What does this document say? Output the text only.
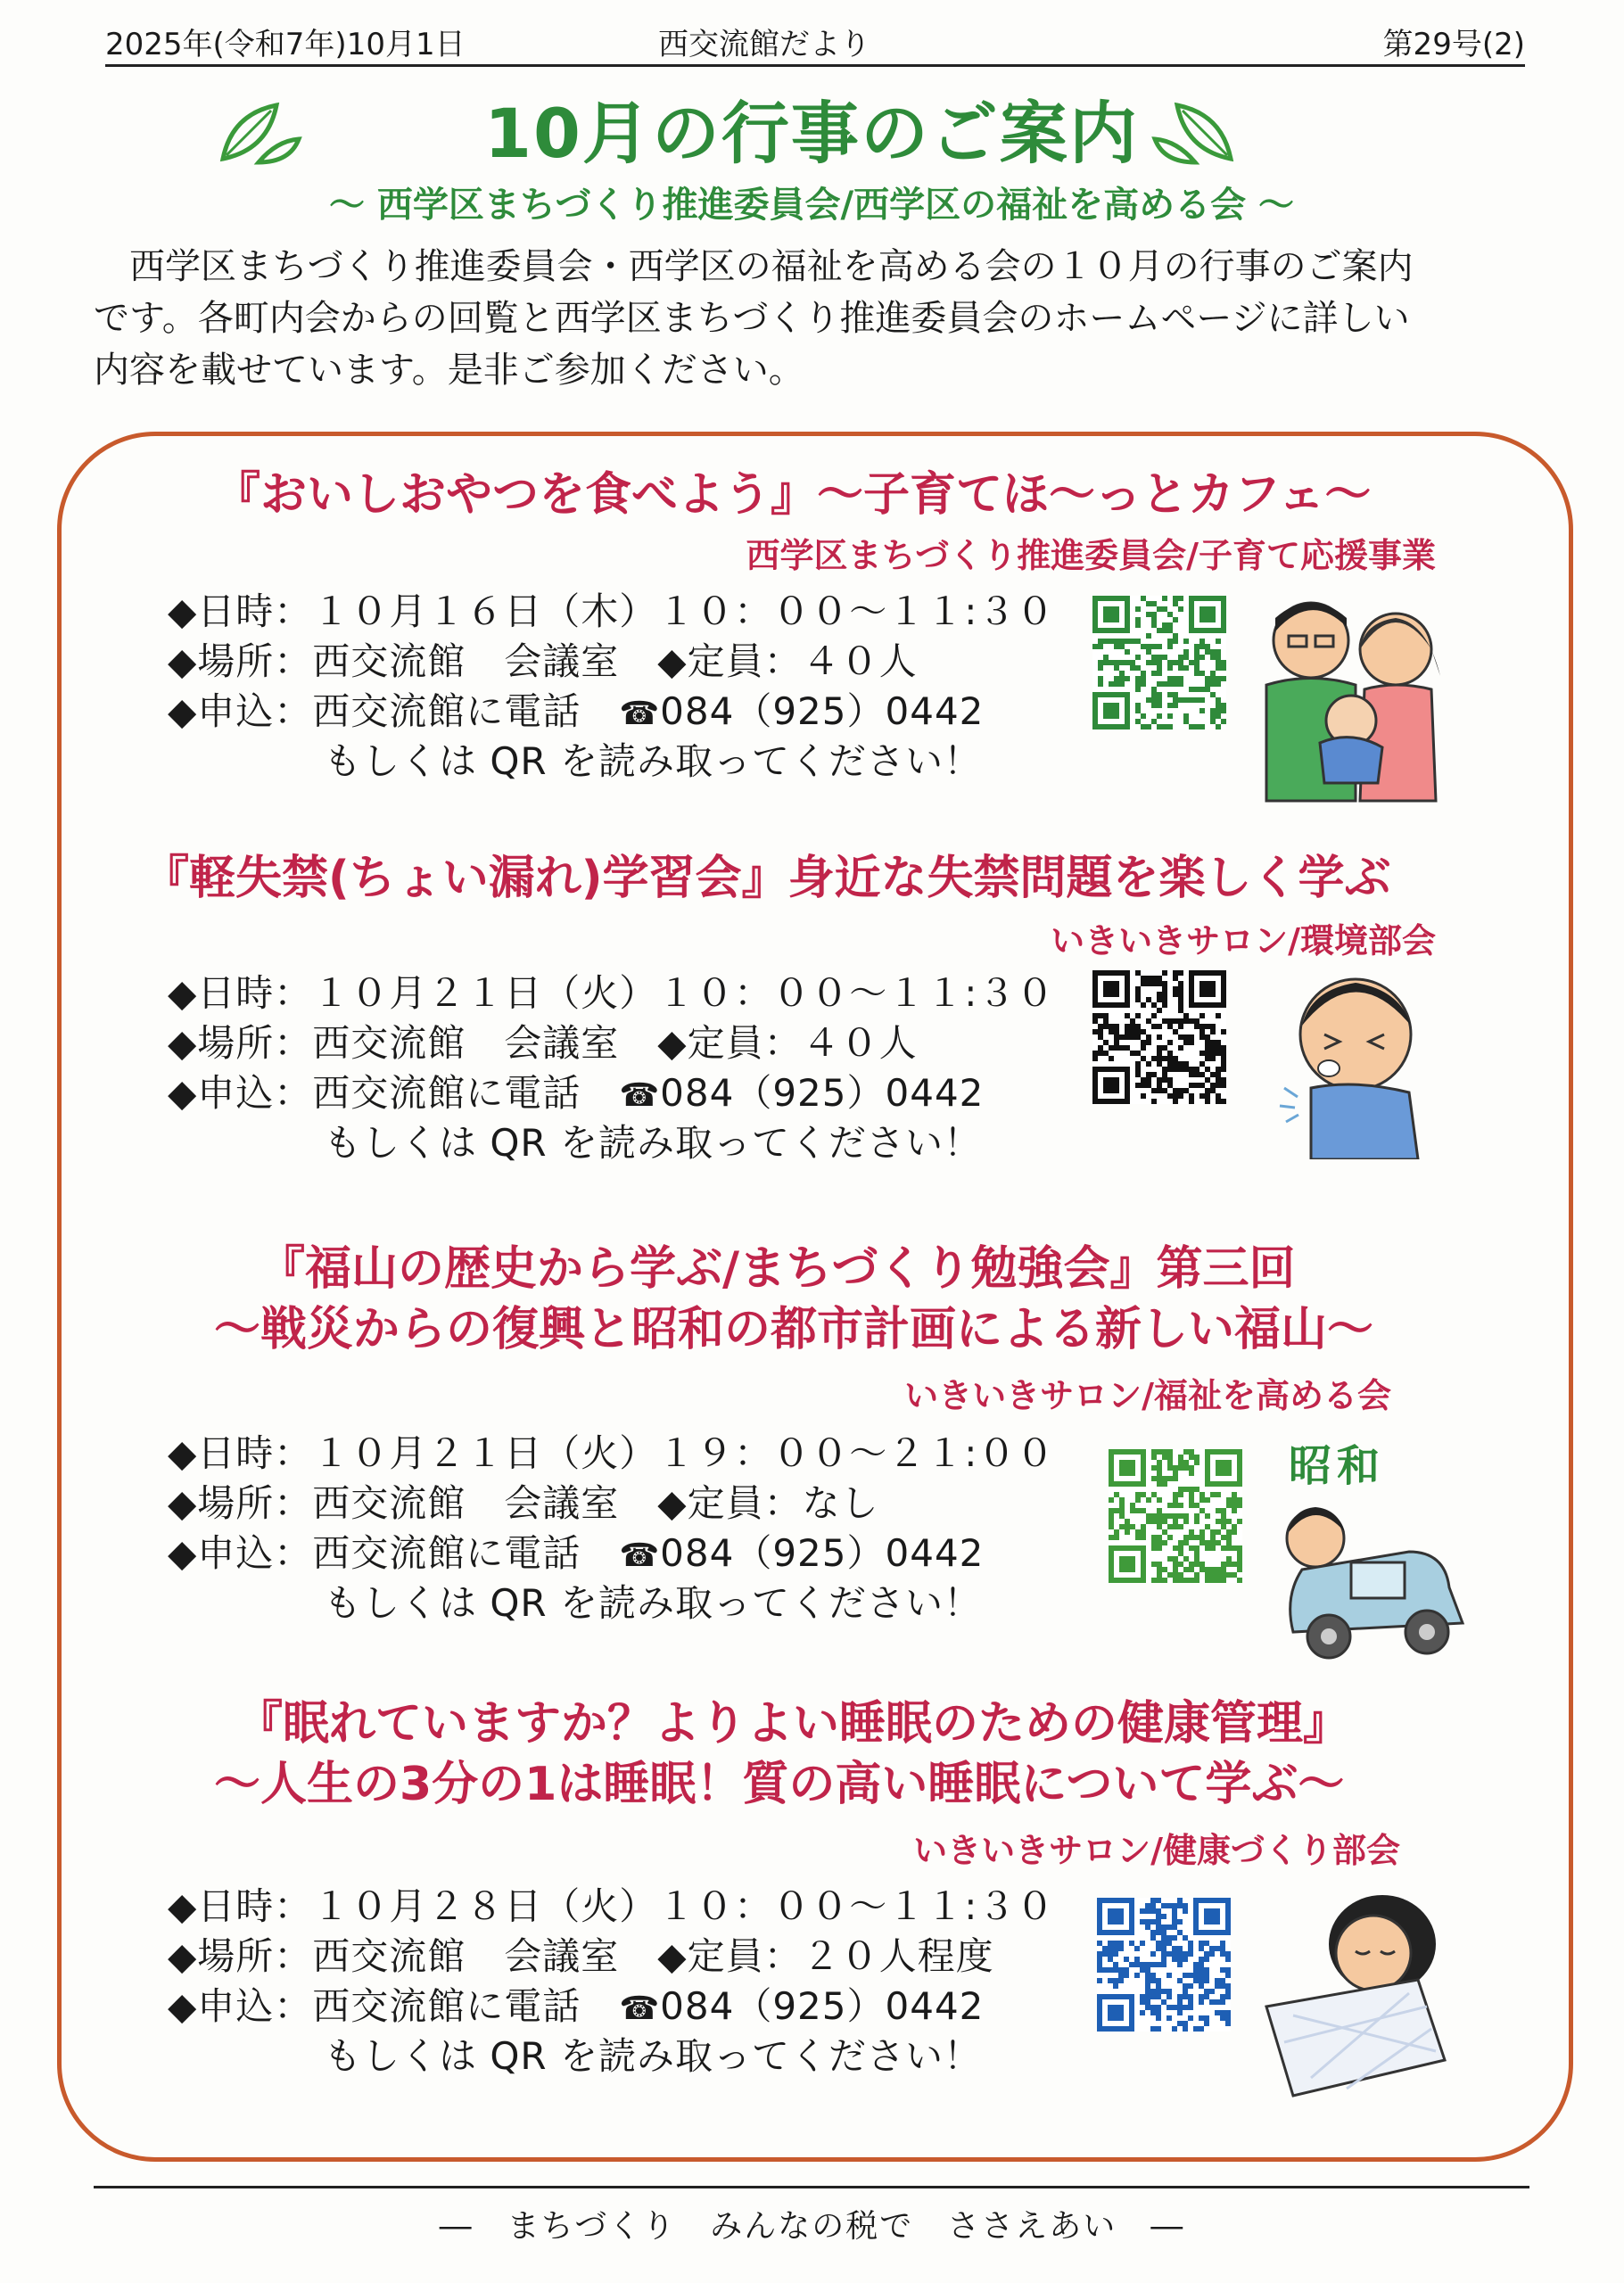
2025年(令和7年)10月1日	西交流館だより	第29号(2)
10月の行事のご案内
～ 西学区まちづくり推進委員会/西学区の福祉を高める会 ～

西学区まちづくり推進委員会・西学区の福祉を高める会の１０月の行事のご案内

です。各町内会からの回覧と西学区まちづくり推進委員会のホームページに詳しい

内容を載せています。是非ご参加ください。

『おいしおやつを食べよう』～子育てほ～っとカフェ～
西学区まちづくり推進委員会/子育て応援事業
◆日時：１０月１６日（木）１０：００～１１:３０
◆場所：西交流館　会議室　◆定員：４０人
◆申込：西交流館に電話　 ☎084（925）0442
もしくは QR を読み取ってください！
『軽失禁(ちょい漏れ)学習会』身近な失禁問題を楽しく学ぶ
いきいきサロン/環境部会
◆日時：１０月２１日（火）１０：００～１１:３０
◆場所：西交流館　会議室　◆定員：４０人
◆申込：西交流館に電話　 ☎084（925）0442
もしくは QR を読み取ってください！
『福山の歴史から学ぶ/まちづくり勉強会』第三回
～戦災からの復興と昭和の都市計画による新しい福山～
いきいきサロン/福祉を高める会
◆日時：１０月２１日（火）１９：００～２１:００
◆場所：西交流館　会議室　◆定員：なし
◆申込：西交流館に電話　 ☎084（925）0442
もしくは QR を読み取ってください！
昭和
『眠れていますか？よりよい睡眠のための健康管理』
～人生の3分の1は睡眠！質の高い睡眠について学ぶ～
いきいきサロン/健康づくり部会
◆日時：１０月２８日（火）１０：００～１１:３０
◆場所：西交流館　会議室　◆定員：２０人程度
◆申込：西交流館に電話　 ☎084（925）0442
もしくは QR を読み取ってください！
―　まちづくり　みんなの税で　ささえあい　―
